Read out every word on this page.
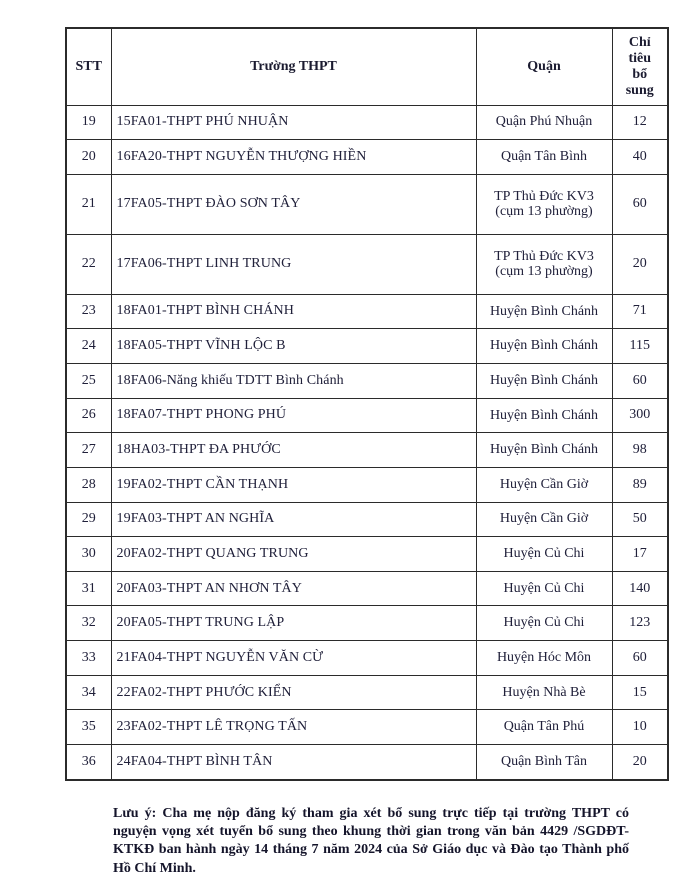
STT	Trường THPT	Quận	Chỉ tiêu bổ sung
19	15FA01-THPT PHÚ NHUẬN	Quận Phú Nhuận	12
20	16FA20-THPT NGUYỄN THƯỢNG HIỀN	Quận Tân Bình	40
21	17FA05-THPT ĐÀO SƠN TÂY	TP Thủ Đức KV3 (cụm 13 phường)	60
22	17FA06-THPT LINH TRUNG	TP Thủ Đức KV3 (cụm 13 phường)	20
23	18FA01-THPT BÌNH CHÁNH	Huyện Bình Chánh	71
24	18FA05-THPT VĨNH LỘC B	Huyện Bình Chánh	115
25	18FA06-Năng khiếu TDTT Bình Chánh	Huyện Bình Chánh	60
26	18FA07-THPT PHONG PHÚ	Huyện Bình Chánh	300
27	18HA03-THPT ĐA PHƯỚC	Huyện Bình Chánh	98
28	19FA02-THPT CẦN THẠNH	Huyện Cần Giờ	89
29	19FA03-THPT AN NGHĨA	Huyện Cần Giờ	50
30	20FA02-THPT QUANG TRUNG	Huyện Củ Chi	17
31	20FA03-THPT AN NHƠN TÂY	Huyện Củ Chi	140
32	20FA05-THPT TRUNG LẬP	Huyện Củ Chi	123
33	21FA04-THPT NGUYỄN VĂN CỪ	Huyện Hóc Môn	60
34	22FA02-THPT PHƯỚC KIỂN	Huyện Nhà Bè	15
35	23FA02-THPT LÊ TRỌNG TẤN	Quận Tân Phú	10
36	24FA04-THPT BÌNH TÂN	Quận Bình Tân	20

Lưu ý: Cha mẹ nộp đăng ký tham gia xét bổ sung trực tiếp tại trường THPT có nguyện vọng xét tuyển bổ sung theo khung thời gian trong văn bản 4429 /SGDĐT-KTKĐ ban hành ngày 14 tháng 7 năm 2024 của Sở Giáo dục và Đào tạo Thành phố Hồ Chí Minh.
